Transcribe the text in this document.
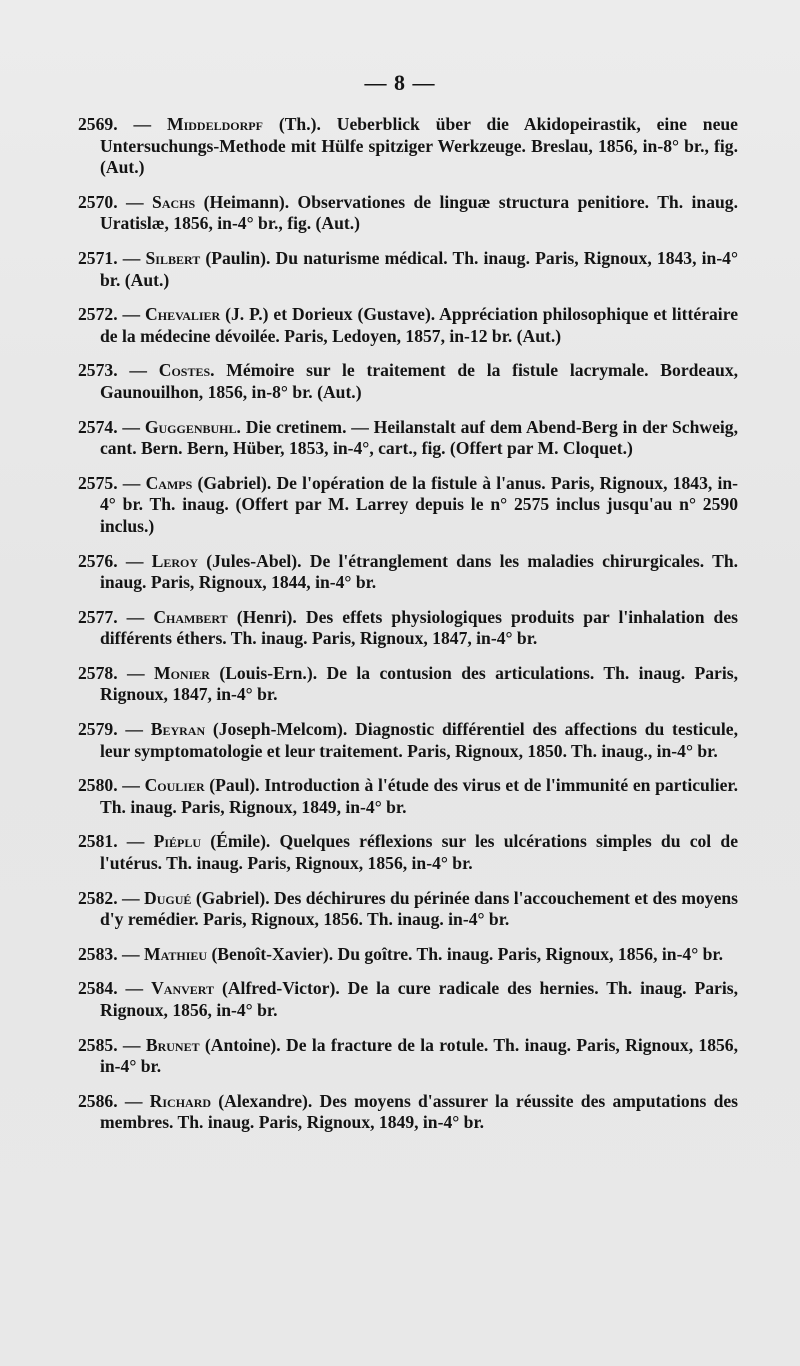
— 8 —
2569. — Middeldorpf (Th.). Ueberblick über die Akidopeirastik, eine neue Untersuchungs-Methode mit Hülfe spitziger Werkzeuge. Breslau, 1856, in-8° br., fig. (Aut.)
2570. — Sachs (Heimann). Observationes de linguæ structura penitiore. Th. inaug. Uratislæ, 1856, in-4° br., fig. (Aut.)
2571. — Silbert (Paulin). Du naturisme médical. Th. inaug. Paris, Rignoux, 1843, in-4° br. (Aut.)
2572. — Chevalier (J. P.) et Dorieux (Gustave). Appréciation philosophique et littéraire de la médecine dévoilée. Paris, Ledoyen, 1857, in-12 br. (Aut.)
2573. — Costes. Mémoire sur le traitement de la fistule lacrymale. Bordeaux, Gaunouilhon, 1856, in-8° br. (Aut.)
2574. — Guggenbuhl. Die cretinem. — Heilanstalt auf dem Abend-Berg in der Schweig, cant. Bern. Bern, Hüber, 1853, in-4°, cart., fig. (Offert par M. Cloquet.)
2575. — Camps (Gabriel). De l'opération de la fistule à l'anus. Paris, Rignoux, 1843, in-4° br. Th. inaug. (Offert par M. Larrey depuis le n° 2575 inclus jusqu'au n° 2590 inclus.)
2576. — Leroy (Jules-Abel). De l'étranglement dans les maladies chirurgicales. Th. inaug. Paris, Rignoux, 1844, in-4° br.
2577. — Chambert (Henri). Des effets physiologiques produits par l'inhalation des différents éthers. Th. inaug. Paris, Rignoux, 1847, in-4° br.
2578. — Monier (Louis-Ern.). De la contusion des articulations. Th. inaug. Paris, Rignoux, 1847, in-4° br.
2579. — Beyran (Joseph-Melcom). Diagnostic différentiel des affections du testicule, leur symptomatologie et leur traitement. Paris, Rignoux, 1850. Th. inaug., in-4° br.
2580. — Coulier (Paul). Introduction à l'étude des virus et de l'immunité en particulier. Th. inaug. Paris, Rignoux, 1849, in-4° br.
2581. — Piéplu (Émile). Quelques réflexions sur les ulcérations simples du col de l'utérus. Th. inaug. Paris, Rignoux, 1856, in-4° br.
2582. — Dugué (Gabriel). Des déchirures du périnée dans l'accouchement et des moyens d'y remédier. Paris, Rignoux, 1856. Th. inaug. in-4° br.
2583. — Mathieu (Benoît-Xavier). Du goître. Th. inaug. Paris, Rignoux, 1856, in-4° br.
2584. — Vanvert (Alfred-Victor). De la cure radicale des hernies. Th. inaug. Paris, Rignoux, 1856, in-4° br.
2585. — Brunet (Antoine). De la fracture de la rotule. Th. inaug. Paris, Rignoux, 1856, in-4° br.
2586. — Richard (Alexandre). Des moyens d'assurer la réussite des amputations des membres. Th. inaug. Paris, Rignoux, 1849, in-4° br.
